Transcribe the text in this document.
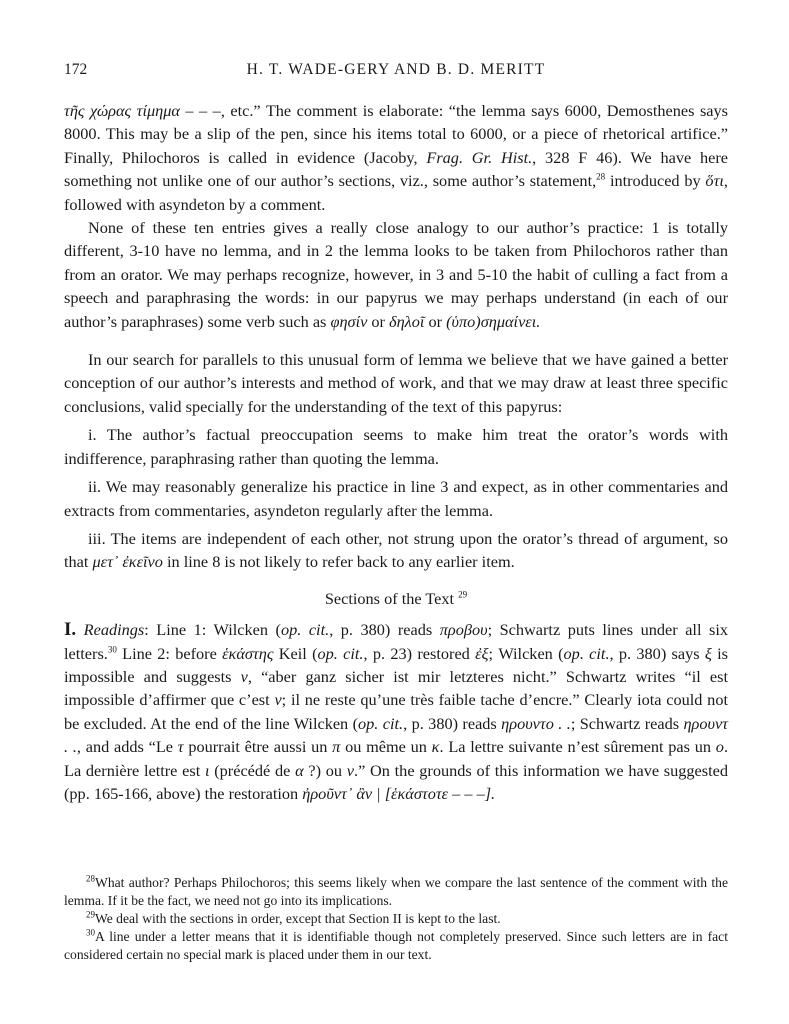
172	H. T. WADE-GERY AND B. D. MERITT

τῆς χώρας τίμημα – – –, etc.” The comment is elaborate: “the lemma says 6000, Demosthenes says 8000. This may be a slip of the pen, since his items total to 6000, or a piece of rhetorical artifice.” Finally, Philochoros is called in evidence (Jacoby, Frag. Gr. Hist., 328 F 46). We have here something not unlike one of our author’s sections, viz., some author’s statement,$^{28}$ introduced by ὅτι, followed with asyndeton by a comment.

None of these ten entries gives a really close analogy to our author’s practice: 1 is totally different, 3-10 have no lemma, and in 2 the lemma looks to be taken from Philochoros rather than from an orator. We may perhaps recognize, however, in 3 and 5-10 the habit of culling a fact from a speech and paraphrasing the words: in our papyrus we may perhaps understand (in each of our author’s paraphrases) some verb such as φησίν or δηλοῖ or (ὑπο)σημαίνει.

In our search for parallels to this unusual form of lemma we believe that we have gained a better conception of our author’s interests and method of work, and that we may draw at least three specific conclusions, valid specially for the understanding of the text of this papyrus:

i. The author’s factual preoccupation seems to make him treat the orator’s words with indifference, paraphrasing rather than quoting the lemma.

ii. We may reasonably generalize his practice in line 3 and expect, as in other commentaries and extracts from commentaries, asyndeton regularly after the lemma.

iii. The items are independent of each other, not strung upon the orator’s thread of argument, so that μετ᾽ ἐκεῖνο in line 8 is not likely to refer back to any earlier item.

Sections of the Text $^{29}$

I. Readings: Line 1: Wilcken (op. cit., p. 380) reads προβου; Schwartz puts lines under all six letters.$^{30}$ Line 2: before ἑκάστης Keil (op. cit., p. 23) restored ἐξ; Wilcken (op. cit., p. 380) says ξ is impossible and suggests ν, “aber ganz sicher ist mir letzteres nicht.” Schwartz writes “il est impossible d’affirmer que c’est ν; il ne reste qu’une très faible tache d’encre.” Clearly iota could not be excluded. At the end of the line Wilcken (op. cit., p. 380) reads ηρουντο . .; Schwartz reads ηρουντ . ., and adds “Le τ pourrait être aussi un π ou même un κ. La lettre suivante n’est sûrement pas un ο. La dernière lettre est ι (précédé de α ?) ou ν.” On the grounds of this information we have suggested (pp. 165-166, above) the restoration ἠροῦντ᾽ ἂν | [ἑκάστοτε – – –].

$^{28}$What author? Perhaps Philochoros; this seems likely when we compare the last sentence of the comment with the lemma. If it be the fact, we need not go into its implications.

$^{29}$We deal with the sections in order, except that Section II is kept to the last.

$^{30}$A line under a letter means that it is identifiable though not completely preserved. Since such letters are in fact considered certain no special mark is placed under them in our text.
